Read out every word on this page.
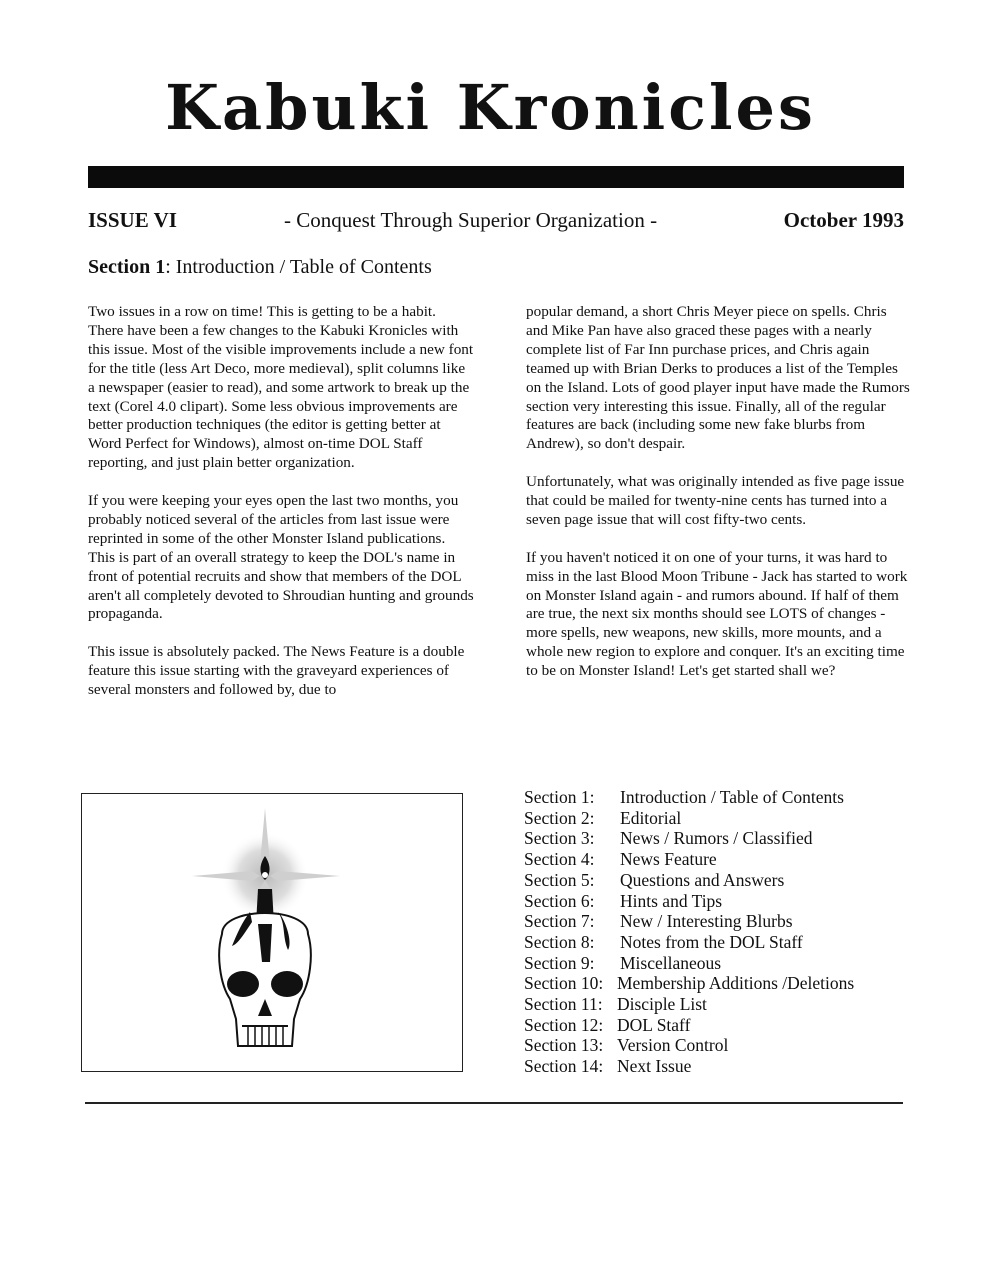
Kabuki Kronicles
ISSUE VI	- Conquest Through Superior Organization -	October 1993
Section 1: Introduction / Table of Contents

Two issues in a row on time! This is getting to be a habit. There have been a few changes to the Kabuki Kronicles with this issue. Most of the visible improvements include a new font for the title (less Art Deco, more medieval), split columns like a newspaper (easier to read), and some artwork to break up the text (Corel 4.0 clipart). Some less obvious improvements are better production techniques (the editor is getting better at Word Perfect for Windows), almost on-time DOL Staff reporting, and just plain better organization.

If you were keeping your eyes open the last two months, you probably noticed several of the articles from last issue were reprinted in some of the other Monster Island publications. This is part of an overall strategy to keep the DOL's name in front of potential recruits and show that members of the DOL aren't all completely devoted to Shroudian hunting and grounds propaganda.

This issue is absolutely packed. The News Feature is a double feature this issue starting with the graveyard experiences of several monsters and followed by, due to

popular demand, a short Chris Meyer piece on spells. Chris and Mike Pan have also graced these pages with a nearly complete list of Far Inn purchase prices, and Chris again teamed up with Brian Derks to produces a list of the Temples on the Island. Lots of good player input have made the Rumors section very interesting this issue. Finally, all of the regular features are back (including some new fake blurbs from Andrew), so don't despair.

Unfortunately, what was originally intended as five page issue that could be mailed for twenty-nine cents has turned into a seven page issue that will cost fifty-two cents.

If you haven't noticed it on one of your turns, it was hard to miss in the last Blood Moon Tribune - Jack has started to work on Monster Island again - and rumors abound. If half of them are true, the next six months should see LOTS of changes - more spells, new weapons, new skills, more mounts, and a whole new region to explore and conquer. It's an exciting time to be on Monster Island! Let's get started shall we?

Section 1:	Introduction / Table of Contents
Section 2:	Editorial
Section 3:	News / Rumors / Classified
Section 4:	News Feature
Section 5:	Questions and Answers
Section 6:	Hints and Tips
Section 7:	New / Interesting Blurbs
Section 8:	Notes from the DOL Staff
Section 9:	Miscellaneous
Section 10: Membership Additions /Deletions
Section 11: Disciple List
Section 12: DOL Staff
Section 13: Version Control
Section 14: Next Issue
